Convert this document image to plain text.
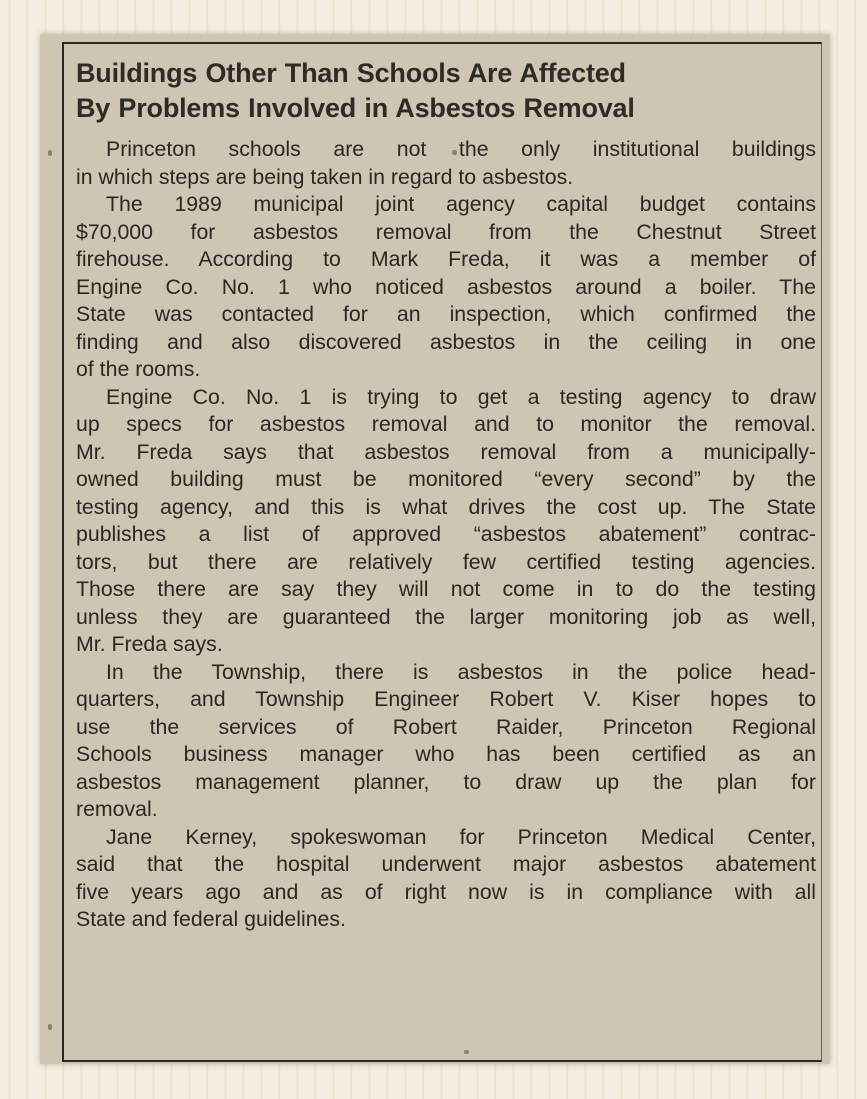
Buildings Other Than Schools Are Affected
By Problems Involved in Asbestos Removal
Princeton schools are not the only institutional buildings
in which steps are being taken in regard to asbestos.
The 1989 municipal joint agency capital budget contains
$70,000 for asbestos removal from the Chestnut Street
firehouse. According to Mark Freda, it was a member of
Engine Co. No. 1 who noticed asbestos around a boiler. The
State was contacted for an inspection, which confirmed the
finding and also discovered asbestos in the ceiling in one
of the rooms.
Engine Co. No. 1 is trying to get a testing agency to draw
up specs for asbestos removal and to monitor the removal.
Mr. Freda says that asbestos removal from a municipally-
owned building must be monitored “every second” by the
testing agency, and this is what drives the cost up. The State
publishes a list of approved “asbestos abatement” contrac-
tors, but there are relatively few certified testing agencies.
Those there are say they will not come in to do the testing
unless they are guaranteed the larger monitoring job as well,
Mr. Freda says.
In the Township, there is asbestos in the police head-
quarters, and Township Engineer Robert V. Kiser hopes to
use the services of Robert Raider, Princeton Regional
Schools business manager who has been certified as an
asbestos management planner, to draw up the plan for
removal.
Jane Kerney, spokeswoman for Princeton Medical Center,
said that the hospital underwent major asbestos abatement
five years ago and as of right now is in compliance with all
State and federal guidelines.
